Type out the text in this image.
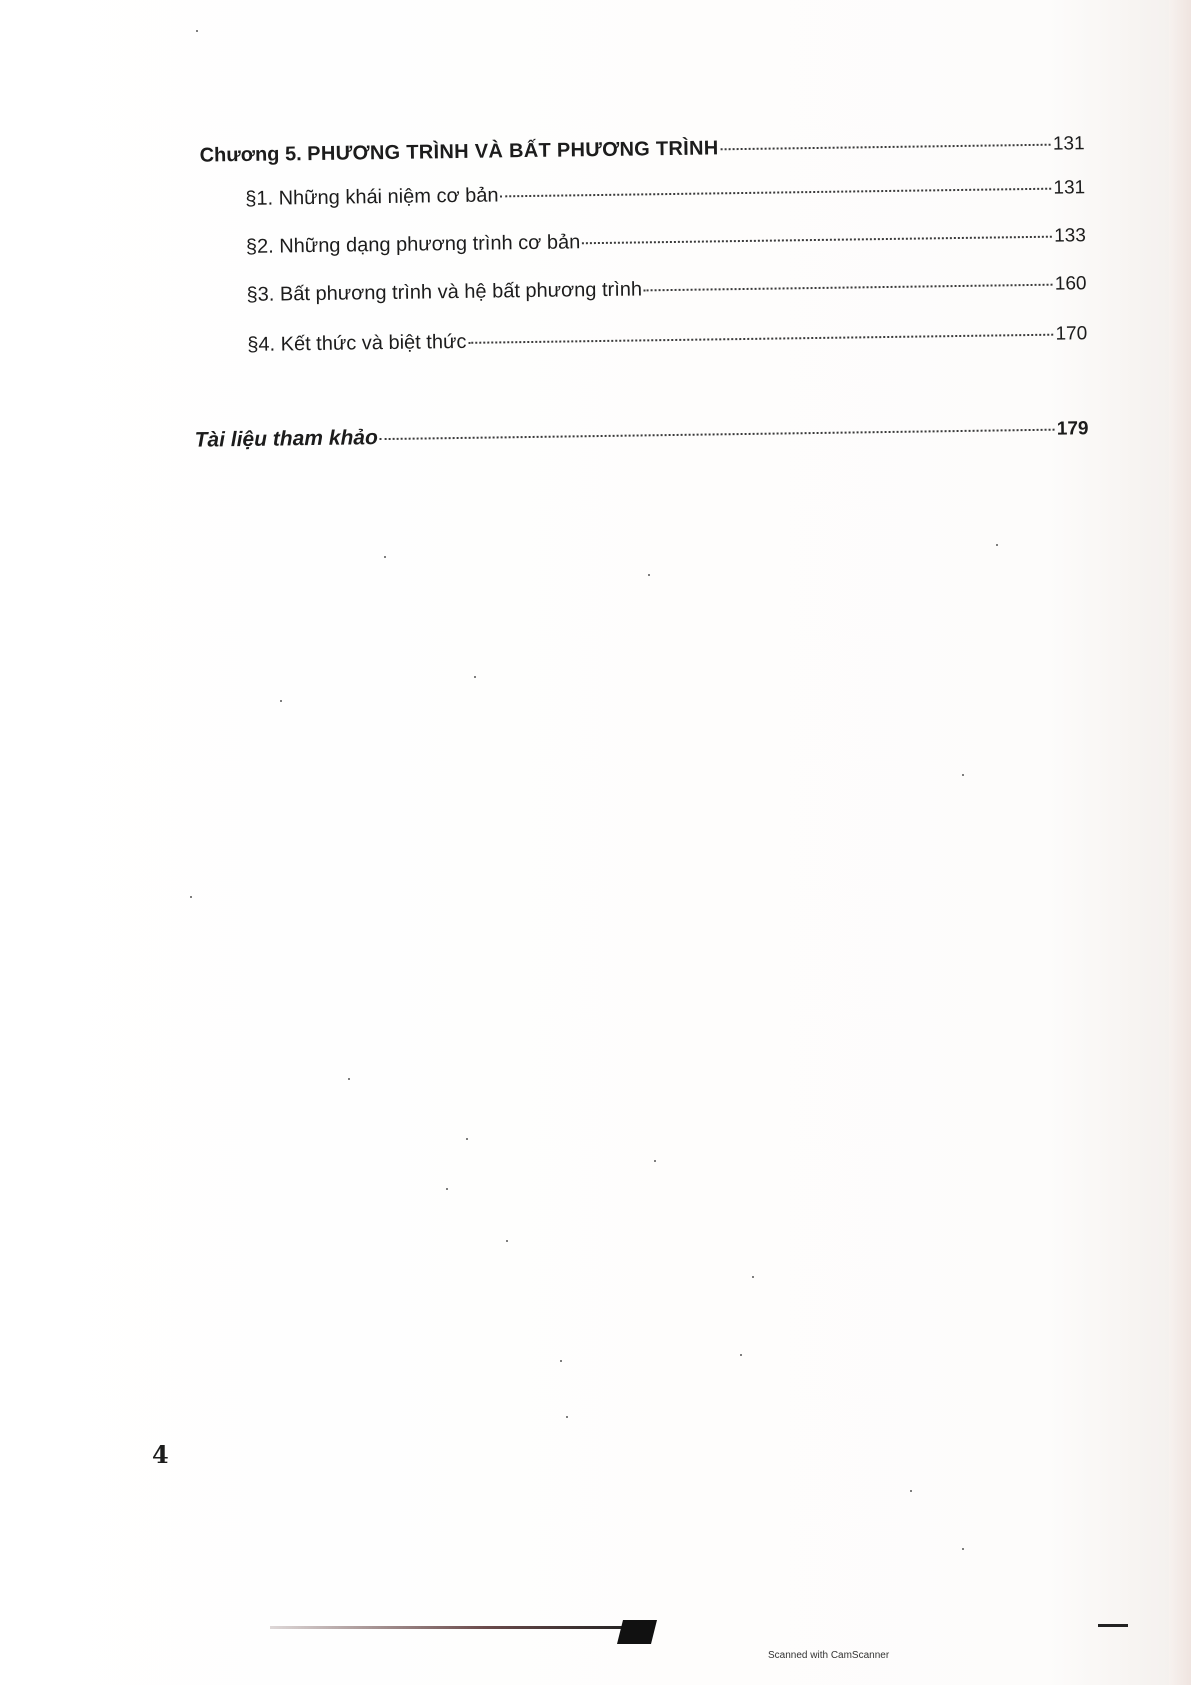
Chương 5. PHƯƠNG TRÌNH VÀ BẤT PHƯƠNG TRÌNH	131
§1. Những khái niệm cơ bản	131
§2. Những dạng phương trình cơ bản	133
§3. Bất phương trình và hệ bất phương trình	160
§4. Kết thức và biệt thức	170
Tài liệu tham khảo	179
4
Scanned with CamScanner
